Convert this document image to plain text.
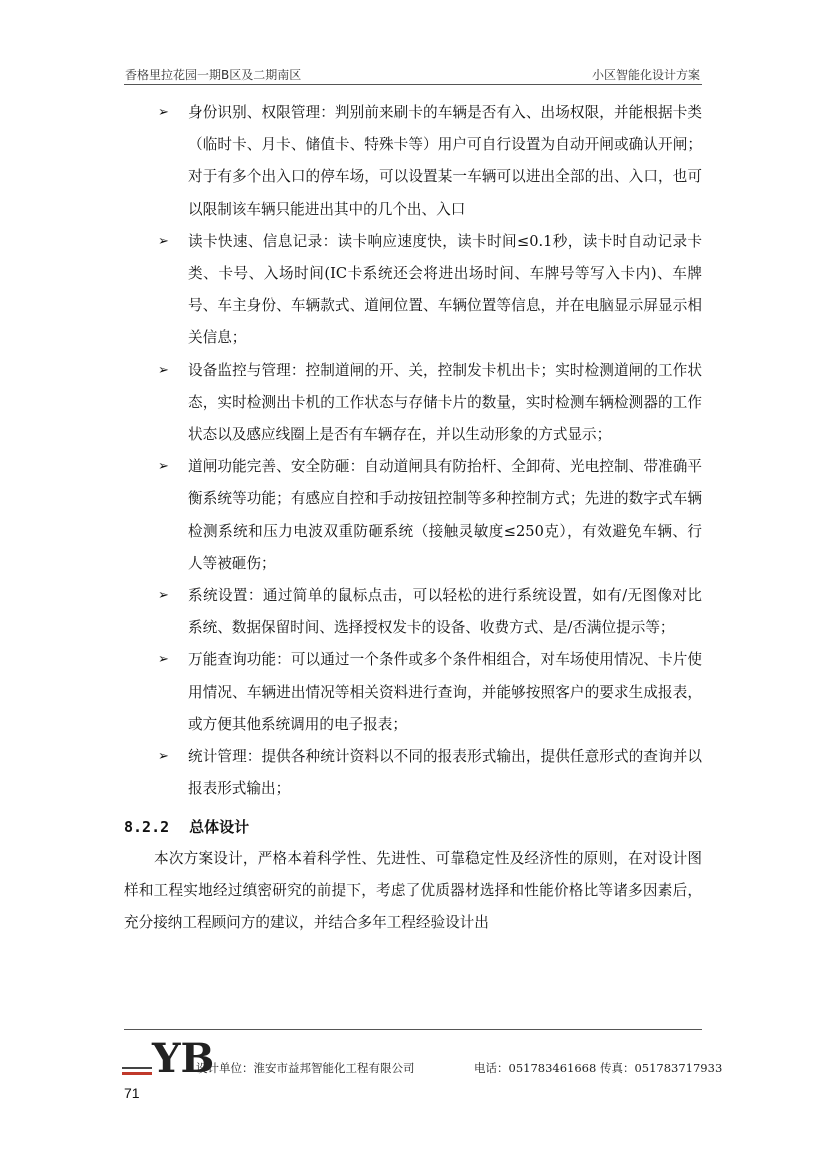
香格里拉花园一期B区及二期南区	小区智能化设计方案
➢ 身份识别、权限管理：判别前来刷卡的车辆是否有入、出场权限，并能根据卡类（临时卡、月卡、储值卡、特殊卡等）用户可自行设置为自动开闸或确认开闸；对于有多个出入口的停车场，可以设置某一车辆可以进出全部的出、入口，也可以限制该车辆只能进出其中的几个出、入口
➢ 读卡快速、信息记录：读卡响应速度快，读卡时间≤0.1秒，读卡时自动记录卡类、卡号、入场时间(IC卡系统还会将进出场时间、车牌号等写入卡内)、车牌号、车主身份、车辆款式、道闸位置、车辆位置等信息，并在电脑显示屏显示相关信息；
➢ 设备监控与管理：控制道闸的开、关，控制发卡机出卡；实时检测道闸的工作状态，实时检测出卡机的工作状态与存储卡片的数量，实时检测车辆检测器的工作状态以及感应线圈上是否有车辆存在，并以生动形象的方式显示；
➢ 道闸功能完善、安全防砸：自动道闸具有防抬杆、全卸荷、光电控制、带准确平衡系统等功能；有感应自控和手动按钮控制等多种控制方式；先进的数字式车辆检测系统和压力电波双重防砸系统（接触灵敏度≤250克），有效避免车辆、行人等被砸伤；
➢ 系统设置：通过简单的鼠标点击，可以轻松的进行系统设置，如有/无图像对比系统、数据保留时间、选择授权发卡的设备、收费方式、是/否满位提示等；
➢ 万能查询功能：可以通过一个条件或多个条件相组合，对车场使用情况、卡片使用情况、车辆进出情况等相关资料进行查询，并能够按照客户的要求生成报表，或方便其他系统调用的电子报表；
➢ 统计管理：提供各种统计资料以不同的报表形式输出，提供任意形式的查询并以报表形式输出；
8.2.2 总体设计
本次方案设计，严格本着科学性、先进性、可靠稳定性及经济性的原则，在对设计图样和工程实地经过缜密研究的前提下，考虑了优质器材选择和性能价格比等诸多因素后，充分接纳工程顾问方的建议，并结合多年工程经验设计出
YB
设计单位：淮安市益邦智能化工程有限公司	电话：051783461668 传真：051783717933
71
